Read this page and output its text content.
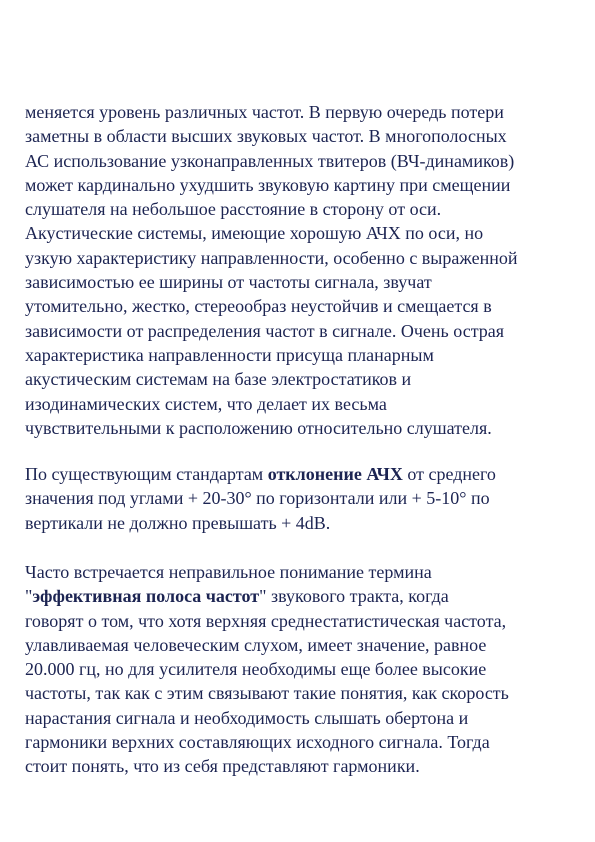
меняется уровень различных частот. В первую очередь потери
заметны в области высших звуковых частот. В многополосных
АС использование узконаправленных твитеров (ВЧ-динамиков)
может кардинально ухудшить звуковую картину при смещении
слушателя на небольшое расстояние в сторону от оси.
Акустические системы, имеющие хорошую АЧХ по оси, но
узкую характеристику направленности, особенно с выраженной
зависимостью ее ширины от частоты сигнала, звучат
утомительно, жестко, стереообраз неустойчив и смещается в
зависимости от распределения частот в сигнале. Очень острая
характеристика направленности присуща планарным
акустическим системам на базе электростатиков и
изодинамических систем, что делает их весьма
чувствительными к расположению относительно слушателя.
По существующим стандартам отклонение АЧХ от среднего
значения под углами + 20-30° по горизонтали или + 5-10° по
вертикали не должно превышать + 4dB.
Часто встречается неправильное понимание термина
"эффективная полоса частот" звукового тракта, когда
говорят о том, что хотя верхняя среднестатистическая частота,
улавливаемая человеческим слухом, имеет значение, равное
20.000 гц, но для усилителя необходимы еще более высокие
частоты, так как с этим связывают такие понятия, как скорость
нарастания сигнала и необходимость слышать обертона и
гармоники верхних составляющих исходного сигнала. Тогда
стоит понять, что из себя представляют гармоники.
